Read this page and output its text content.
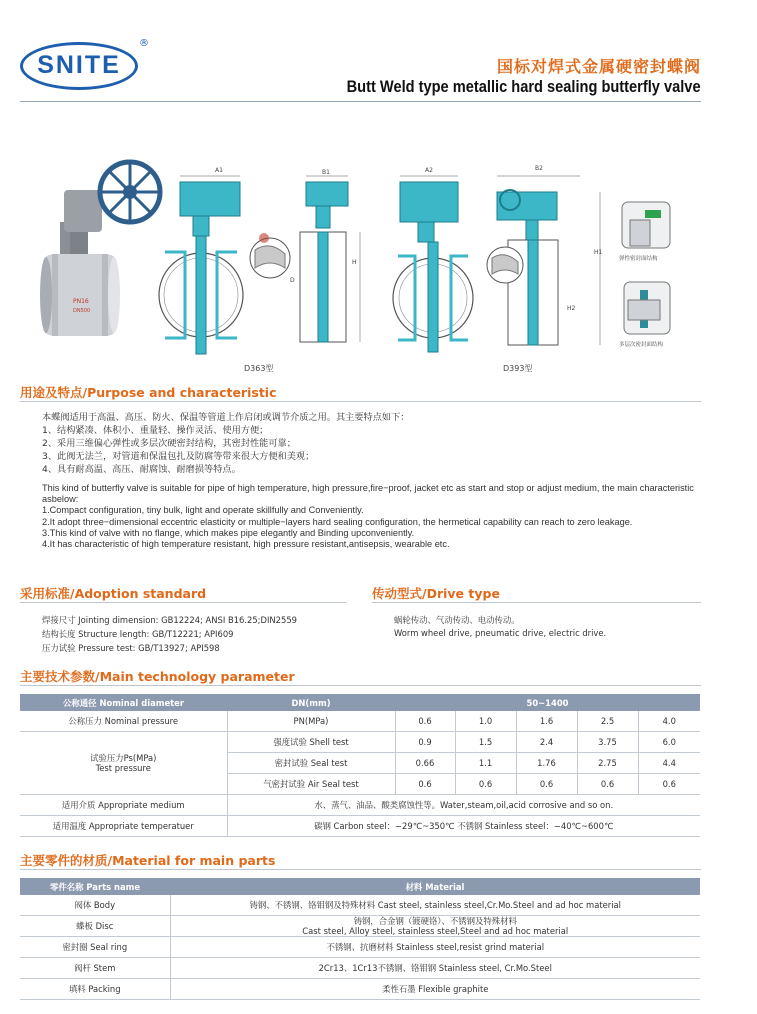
SNITE
®
国标对焊式金属硬密封蝶阀
Butt Weld type metallic hard sealing butterfly valve
PN16
DN500
A1	B1
H
D
A2	B2
H1
H2
弹性密封面结构
多层次密封面结构
D363型	D393型
用途及特点/Purpose and characteristic
本蝶阀适用于高温、高压、防火、保温等管道上作启闭或调节介质之用。其主要特点如下：
1、结构紧凑、体积小、重量轻、操作灵活、使用方便；
2、采用三维偏心弹性或多层次硬密封结构，其密封性能可靠；
3、此阀无法兰，对管道和保温包扎及防腐等带来很大方便和美观；
4、具有耐高温、高压、耐腐蚀、耐磨损等特点。

This kind of butterfly valve is suitable for pipe of high temperature, high pressure,fire−proof, jacket etc as start and stop or adjust medium, the main characteristic asbelow:

1.Compact configuration, tiny bulk, light and operate skillfully and Conveniently.

2.It adopt three−dimensional eccentric elasticity or multiple−layers hard sealing configuration, the hermetical capability can reach to zero leakage.

3.This kind of valve with no flange, which makes pipe elegantly and Binding upconveniently.

4.It has characteristic of high temperature resistant, high pressure resistant,antisepsis, wearable etc.

采用标准/Adoption standard
焊接尺寸 Jointing dimension: GB12224; ANSI B16.25;DIN2559
结构长度 Structure length: GB/T12221; API609
压力试验 Pressure test: GB/T13927; API598
传动型式/Drive type
蜗轮传动、气动传动、电动传动。
Worm wheel drive, pneumatic drive, electric drive.
主要技术参数/Main technology parameter
公称通径 Nominal diameter	DN(mm)	50~1400				
公称压力 Nominal pressure	PN(MPa)	0.6	1.0	1.6	2.5	4.0

试验压力Ps(MPa)
Test pressure	强度试验 Shell test	0.9	1.5	2.4	3.75	6.0
	密封试验 Seal test	0.66	1.1	1.76	2.75	4.4
	气密封试验 Air Seal test	0.6	0.6	0.6	0.6	0.6
适用介质 Appropriate medium	水、蒸气、油品、酸类腐蚀性等。Water,steam,oil,acid corrosive and so on.					
适用温度 Appropriate temperatuer	碳钢 Carbon steel：−29℃~350℃ 不锈钢 Stainless steel：−40℃~600℃					
主要零件的材质/Material for main parts
零件名称 Parts name	材料 Material
阀体 Body	铸钢、不锈钢、铬钼钢及特殊材料 Cast steel, stainless steel,Cr.Mo.Steel and ad hoc material
蝶板 Disc	铸钢，合金钢（镀硬铬）、不锈钢及特殊材料
Cast steel, Alloy steel, stainless steel,Steel and ad hoc material

密封圈 Seal ring	不锈钢、抗磨材料 Stainless steel,resist grind material
阀杆 Stem	2Cr13、1Cr13不锈钢、铬钼钢 Stainless steel, Cr.Mo.Steel
填料 Packing	柔性石墨 Flexible graphite
